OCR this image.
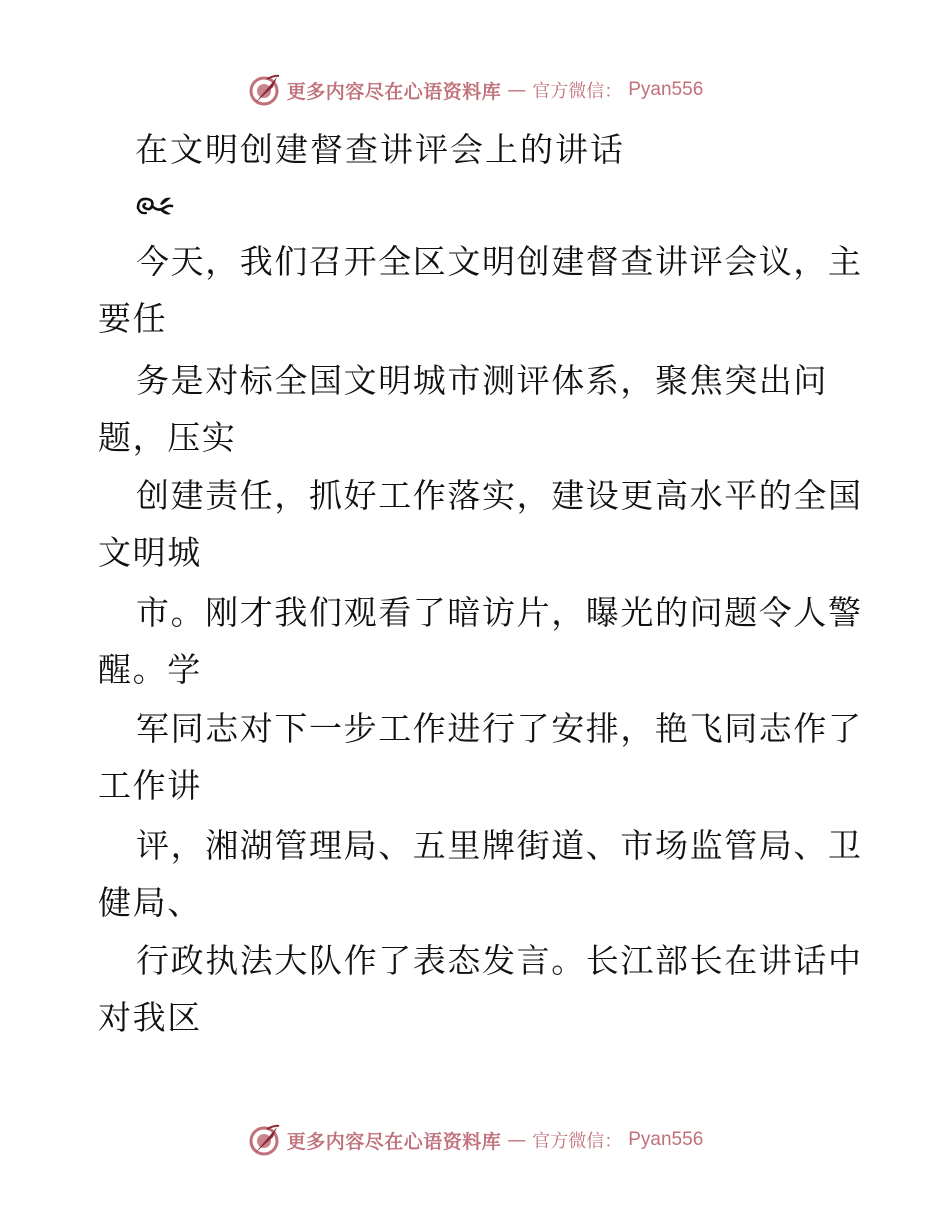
更多内容尽在心语资料库 — 官方微信： Pyan556
在文明创建督查讲评会上的讲话
今天，我们召开全区文明创建督查讲评会议，主
要任
务是对标全国文明城市测评体系，聚焦突出问
题，压实
创建责任，抓好工作落实，建设更高水平的全国
文明城
市。刚才我们观看了暗访片，曝光的问题令人警
醒。学
军同志对下一步工作进行了安排，艳飞同志作了
工作讲
评，湘湖管理局、五里牌街道、市场监管局、卫
健局、
行政执法大队作了表态发言。长江部长在讲话中
对我区
更多内容尽在心语资料库 — 官方微信： Pyan556
